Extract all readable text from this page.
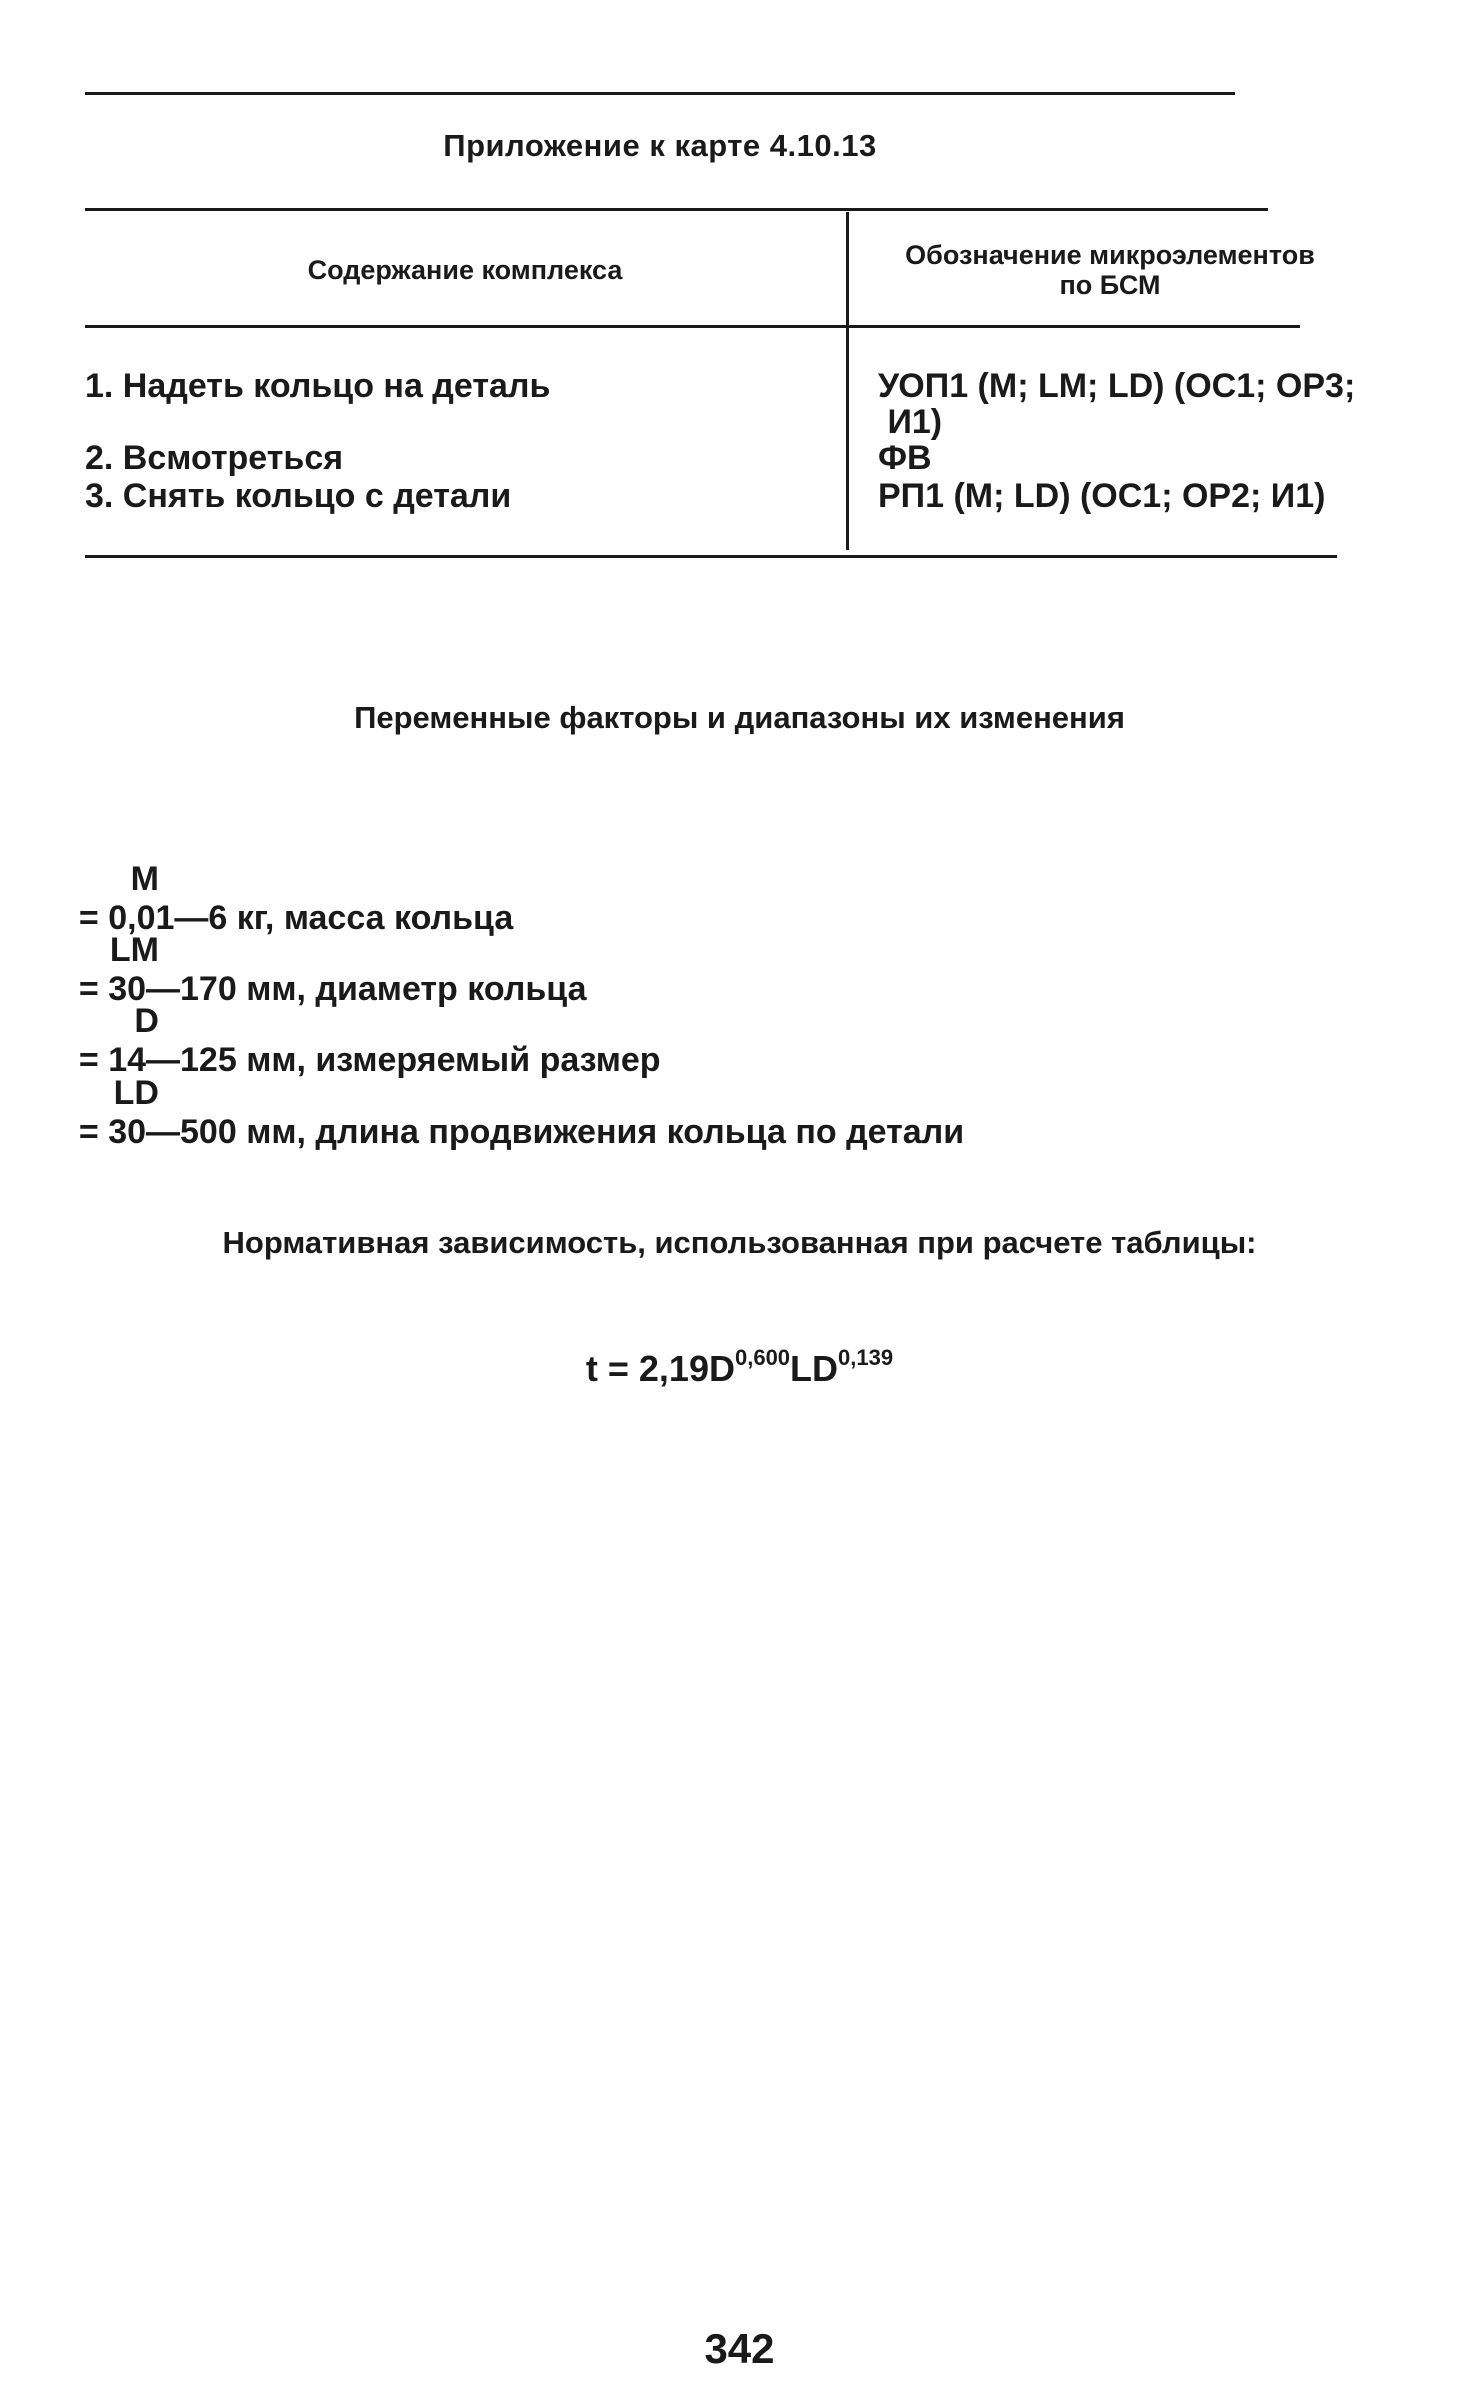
Приложение к карте 4.10.13
Содержание комплекса	Обозначение микроэлементов
по БСМ
1. Надеть кольцо на деталь	УОП1 (M; LM; LD) (OC1; OP3;
И1)
2. Всмотреться	ФВ
3. Снять кольцо с детали	РП1 (M; LD) (OC1; OP2; И1)
Переменные факторы и диапазоны их изменения

M
= 0,01—6 кг, масса кольца

LM
= 30—170 мм, диаметр кольца

D
= 14—125 мм, измеряемый размер

LD
= 30—500 мм, длина продвижения кольца по детали

Нормативная зависимость, использованная при расчете таблицы:
$t = 2,19D^{0,600}LD^{0,139}$
342
